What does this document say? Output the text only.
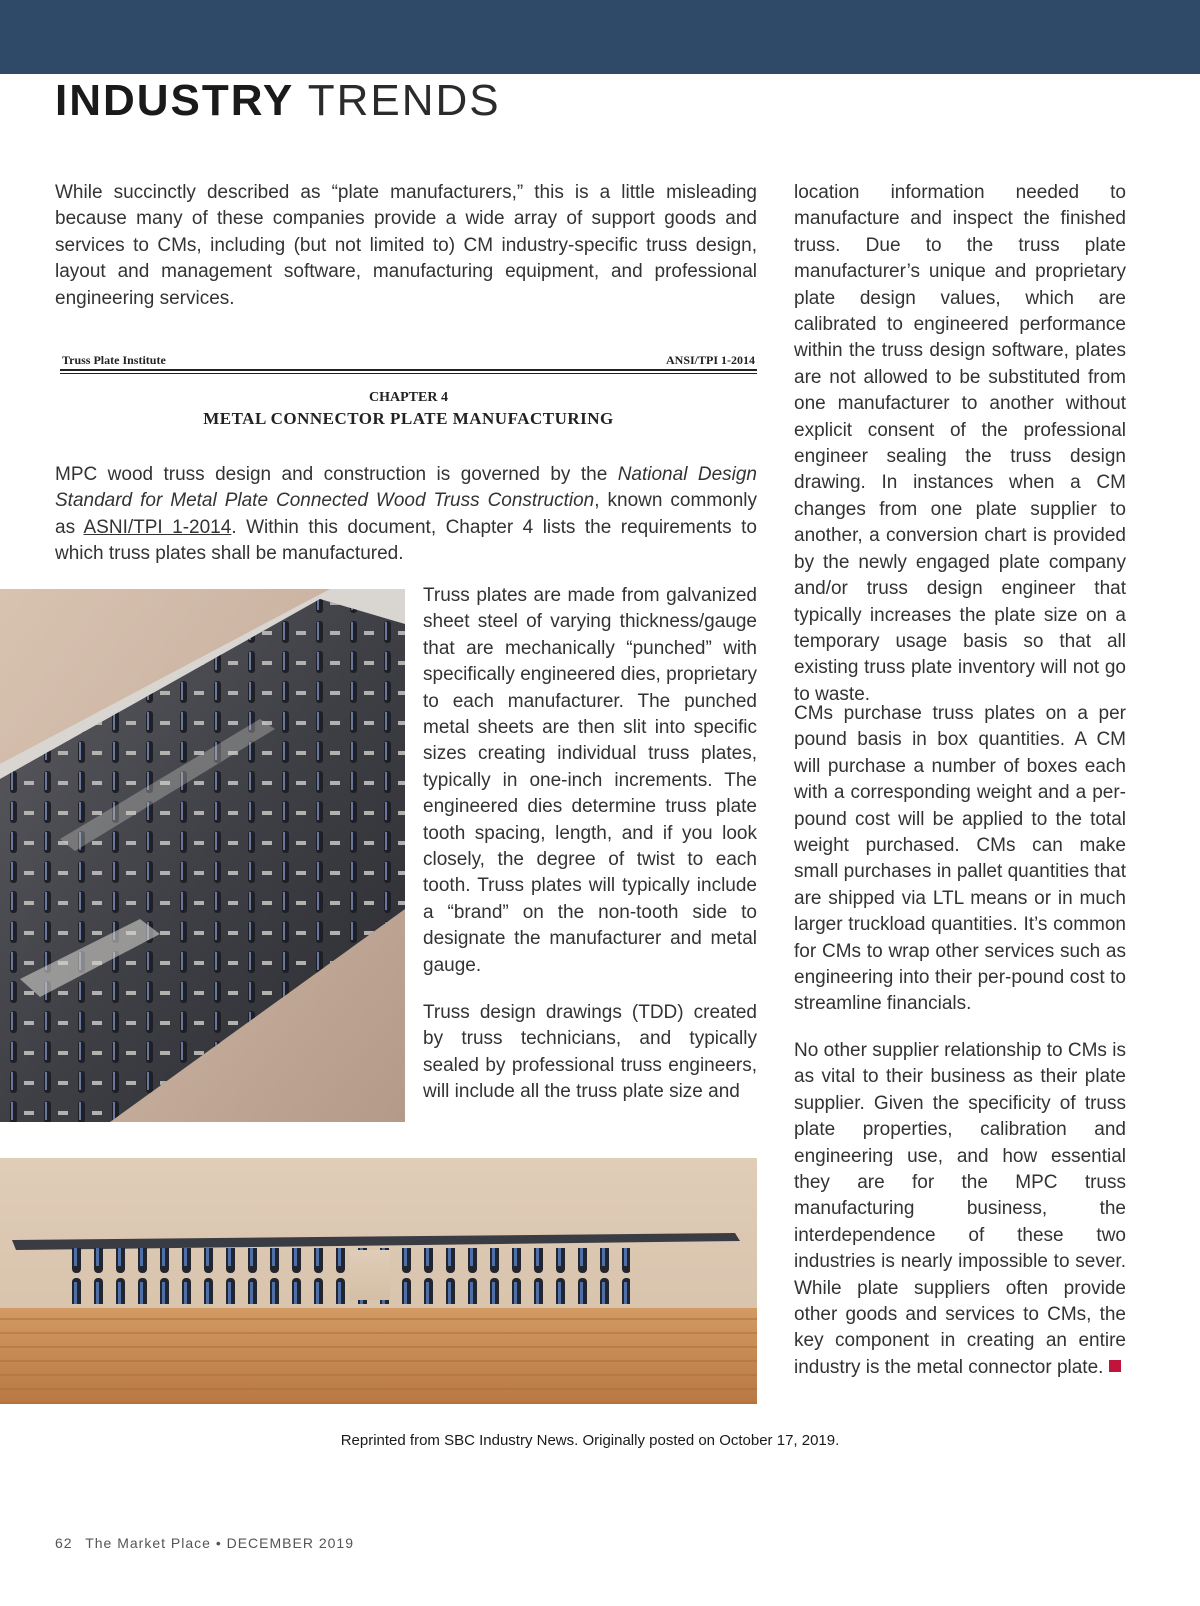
INDUSTRY TRENDS

While succinctly described as “plate manufacturers,” this is a little misleading because many of these companies provide a wide array of support goods and services to CMs, including (but not limited to) CM industry-specific truss design, layout and management software, manufacturing equipment, and professional engineering services.

Truss Plate Institute	ANSI/TPI 1-2014
CHAPTER 4
METAL CONNECTOR PLATE MANUFACTURING

MPC wood truss design and construction is governed by the National Design Standard for Metal Plate Connected Wood Truss Construction, known commonly as ASNI/TPI 1-2014. Within this document, Chapter 4 lists the requirements to which truss plates shall be manufactured.

Truss plates are made from galvanized sheet steel of varying thickness/gauge that are mechanically “punched” with specifically engineered dies, proprietary to each manufacturer. The punched metal sheets are then slit into specific sizes creating individual truss plates, typically in one-inch increments. The engineered dies determine truss plate tooth spacing, length, and if you look closely, the degree of twist to each tooth. Truss plates will typically include a “brand” on the non-tooth side to designate the manufacturer and metal gauge.

Truss design drawings (TDD) created by truss technicians, and typically sealed by professional truss engineers, will include all the truss plate size and

location information needed to manufacture and inspect the finished truss. Due to the truss plate manufacturer’s unique and proprietary plate design values, which are calibrated to engineered performance within the truss design software, plates are not allowed to be substituted from one manufacturer to another without explicit consent of the professional engineer sealing the truss design drawing. In instances when a CM changes from one plate supplier to another, a conversion chart is provided by the newly engaged plate company and/or truss design engineer that typically increases the plate size on a temporary usage basis so that all existing truss plate inventory will not go to waste.

CMs purchase truss plates on a per pound basis in box quantities. A CM will purchase a number of boxes each with a corresponding weight and a per-pound cost will be applied to the total weight purchased. CMs can make small purchases in pallet quantities that are shipped via LTL means or in much larger truckload quantities. It’s common for CMs to wrap other services such as engineering into their per-pound cost to streamline financials.

No other supplier relationship to CMs is as vital to their business as their plate supplier. Given the specificity of truss plate properties, calibration and engineering use, and how essential they are for the MPC truss manufacturing business, the interdependence of these two industries is nearly impossible to sever. While plate suppliers often provide other goods and services to CMs, the key component in creating an entire industry is the metal connector plate.

Reprinted from SBC Industry News. Originally posted on October 17, 2019.
62 The Market Place • DECEMBER 2019
